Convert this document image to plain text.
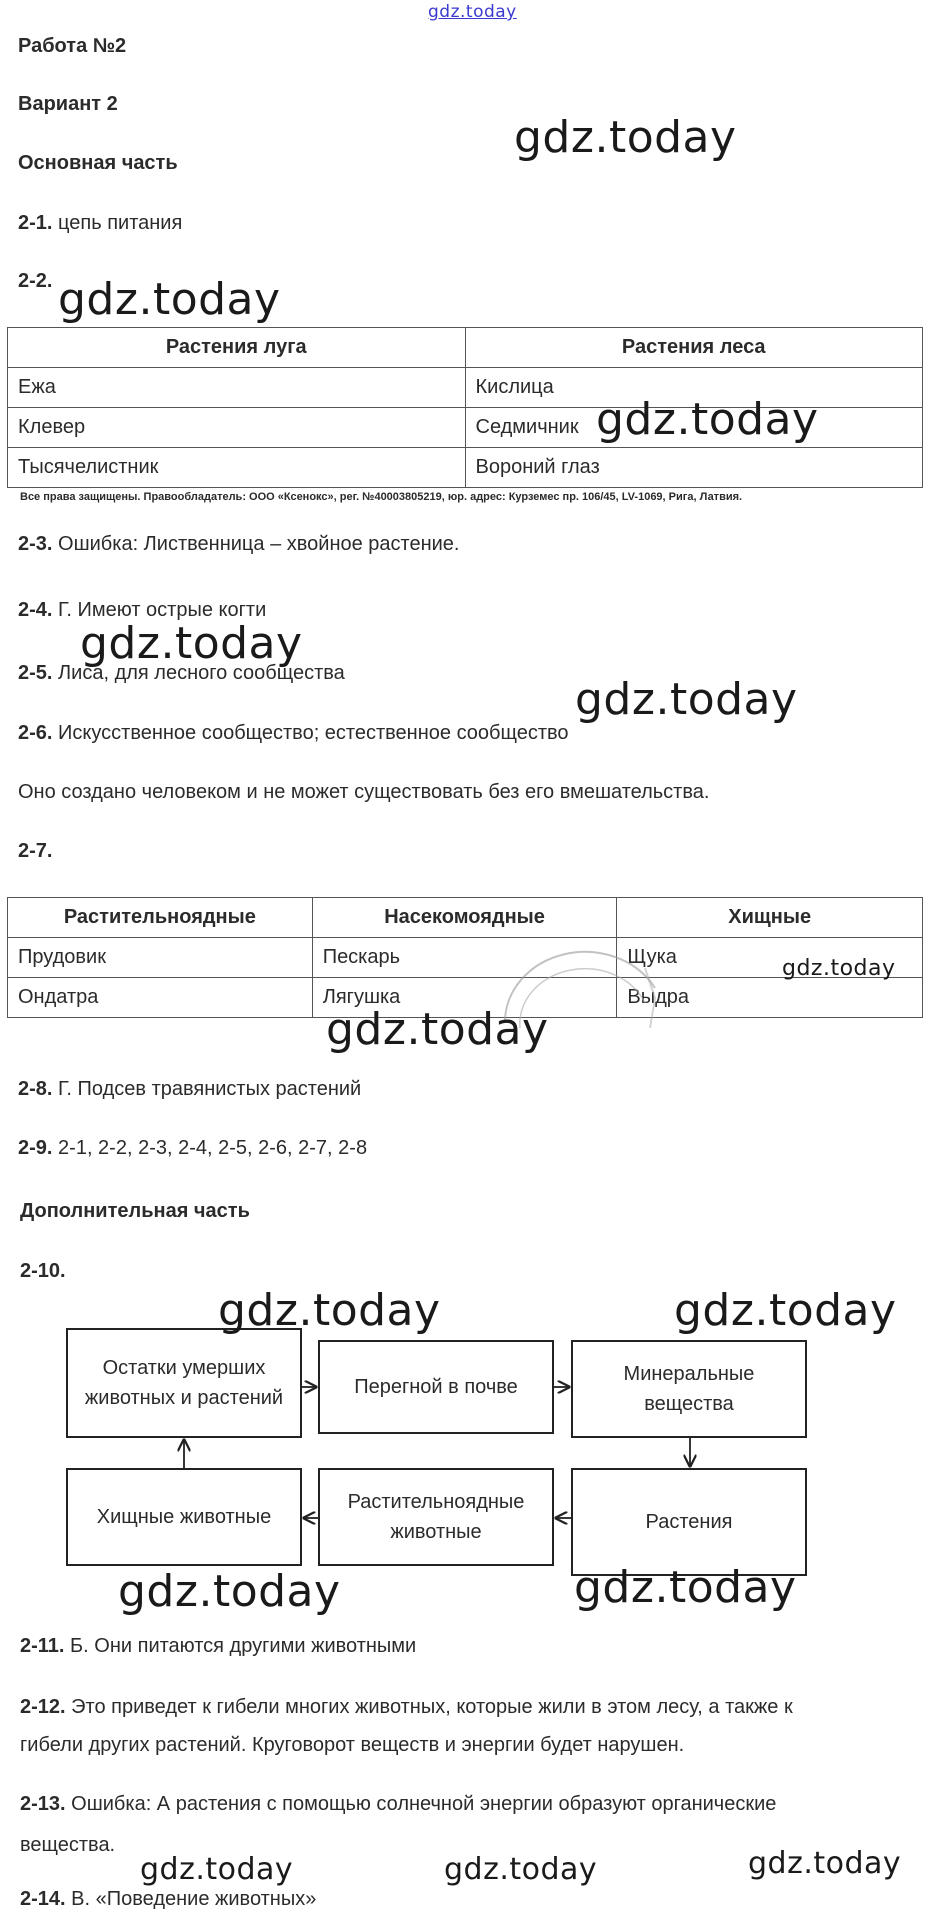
gdz.today
Работа №2
Вариант 2
Основная часть
2-1. цепь питания
2-2.
Растения луга	Растения леса
Ежа	Кислица
Клевер	Седмичник
Тысячелистник	Вороний глаз
Все права защищены. Правообладатель: ООО «Ксенокс», рег. №40003805219, юр. адрес: Курземес пр. 106/45, LV-1069, Рига, Латвия.
2-3. Ошибка: Лиственница – хвойное растение.
2-4. Г. Имеют острые когти
2-5. Лиса, для лесного сообщества
2-6. Искусственное сообщество; естественное сообщество
Оно создано человеком и не может существовать без его вмешательства.
2-7.
Растительноядные	Насекомоядные	Хищные
Прудовик	Пескарь	Щука
Ондатра	Лягушка	Выдра
2-8. Г. Подсев травянистых растений
2-9. 2-1, 2-2, 2-3, 2-4, 2-5, 2-6, 2-7, 2-8
Дополнительная часть
2-10.
Остатки умерших животных и растений	Перегной в почве
Минеральные вещества
Растения
Растительноядные животные
Хищные животные
2-11. Б. Они питаются другими животными
2-12. Это приведет к гибели многих животных, которые жили в этом лесу, а также к
гибели других растений. Круговорот веществ и энергии будет нарушен.
2-13. Ошибка: А растения с помощью солнечной энергии образуют органические
вещества.
2-14. В. «Поведение животных»
gdz.today
gdz.today
gdz.today
gdz.today
gdz.today
gdz.today
gdz.today
gdz.today	gdz.today
gdz.today	gdz.today
gdz.today	gdz.today	gdz.today
